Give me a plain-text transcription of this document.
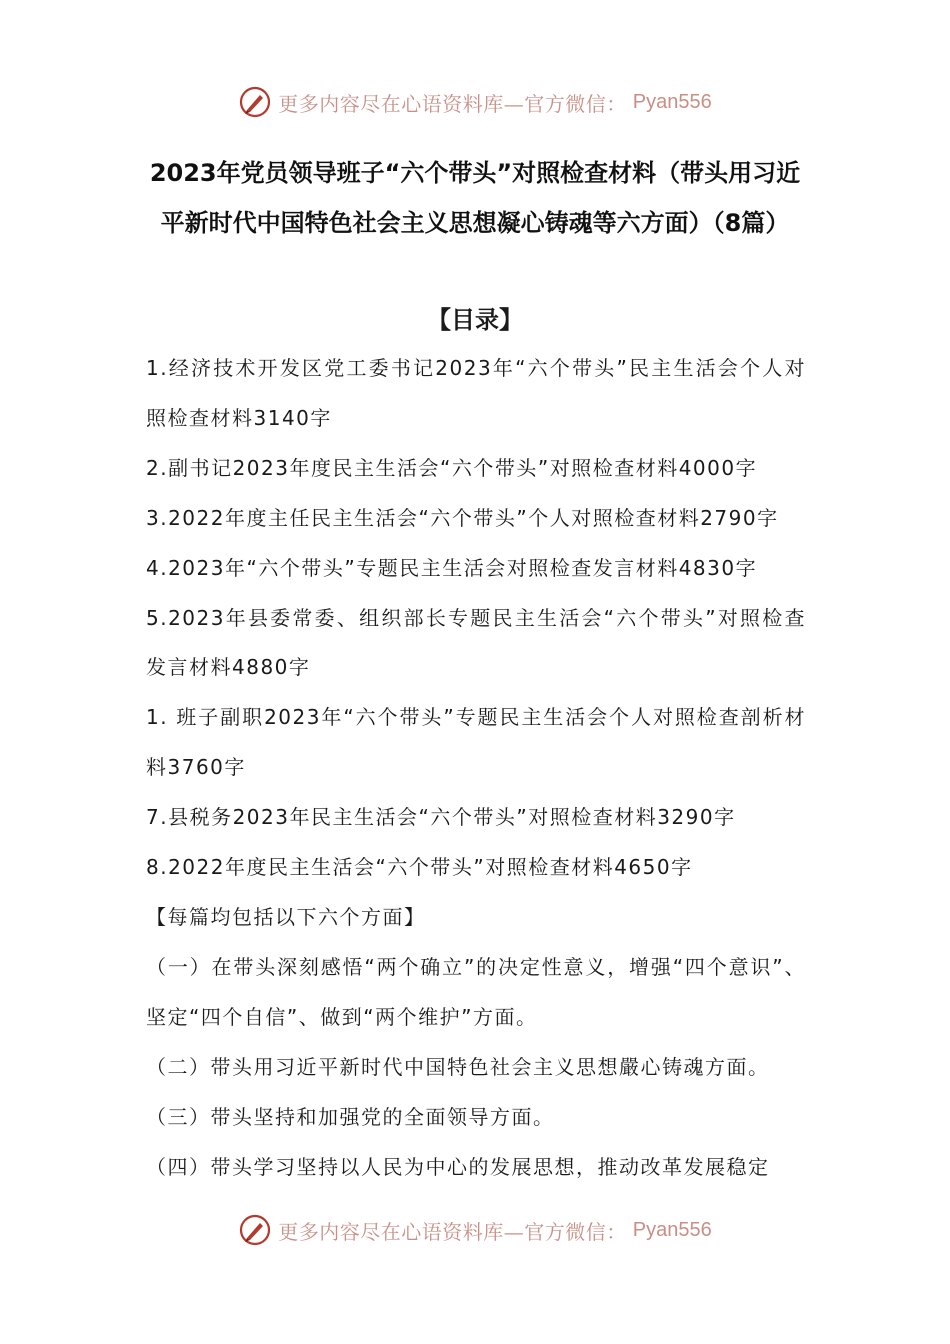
更多内容尽在心语资料库—官方微信： Pyan556
2023年党员领导班子“六个带头”对照检查材料（带头用习近平新时代中国特色社会主义思想凝心铸魂等六方面）（8篇）
【目录】

1.经济技术开发区党工委书记2023年“六个带头”民主生活会个人对照检查材料3140字

2.副书记2023年度民主生活会“六个带头”对照检查材料4000字

3.2022年度主任民主生活会“六个带头”个人对照检查材料2790字

4.2023年“六个带头”专题民主生活会对照检查发言材料4830字

5.2023年县委常委、组织部长专题民主生活会“六个带头”对照检查发言材料4880字

1. 班子副职2023年“六个带头”专题民主生活会个人对照检查剖析材料3760字

7.县税务2023年民主生活会“六个带头”对照检查材料3290字

8.2022年度民主生活会“六个带头”对照检查材料4650字

【每篇均包括以下六个方面】

（一）在带头深刻感悟“两个确立”的决定性意义，增强“四个意识”、坚定“四个自信”、做到“两个维护”方面。

（二）带头用习近平新时代中国特色社会主义思想嚴心铸魂方面。

（三）带头坚持和加强党的全面领导方面。

（四）带头学习坚持以人民为中心的发展思想，推动改革发展稳定

更多内容尽在心语资料库—官方微信： Pyan556
